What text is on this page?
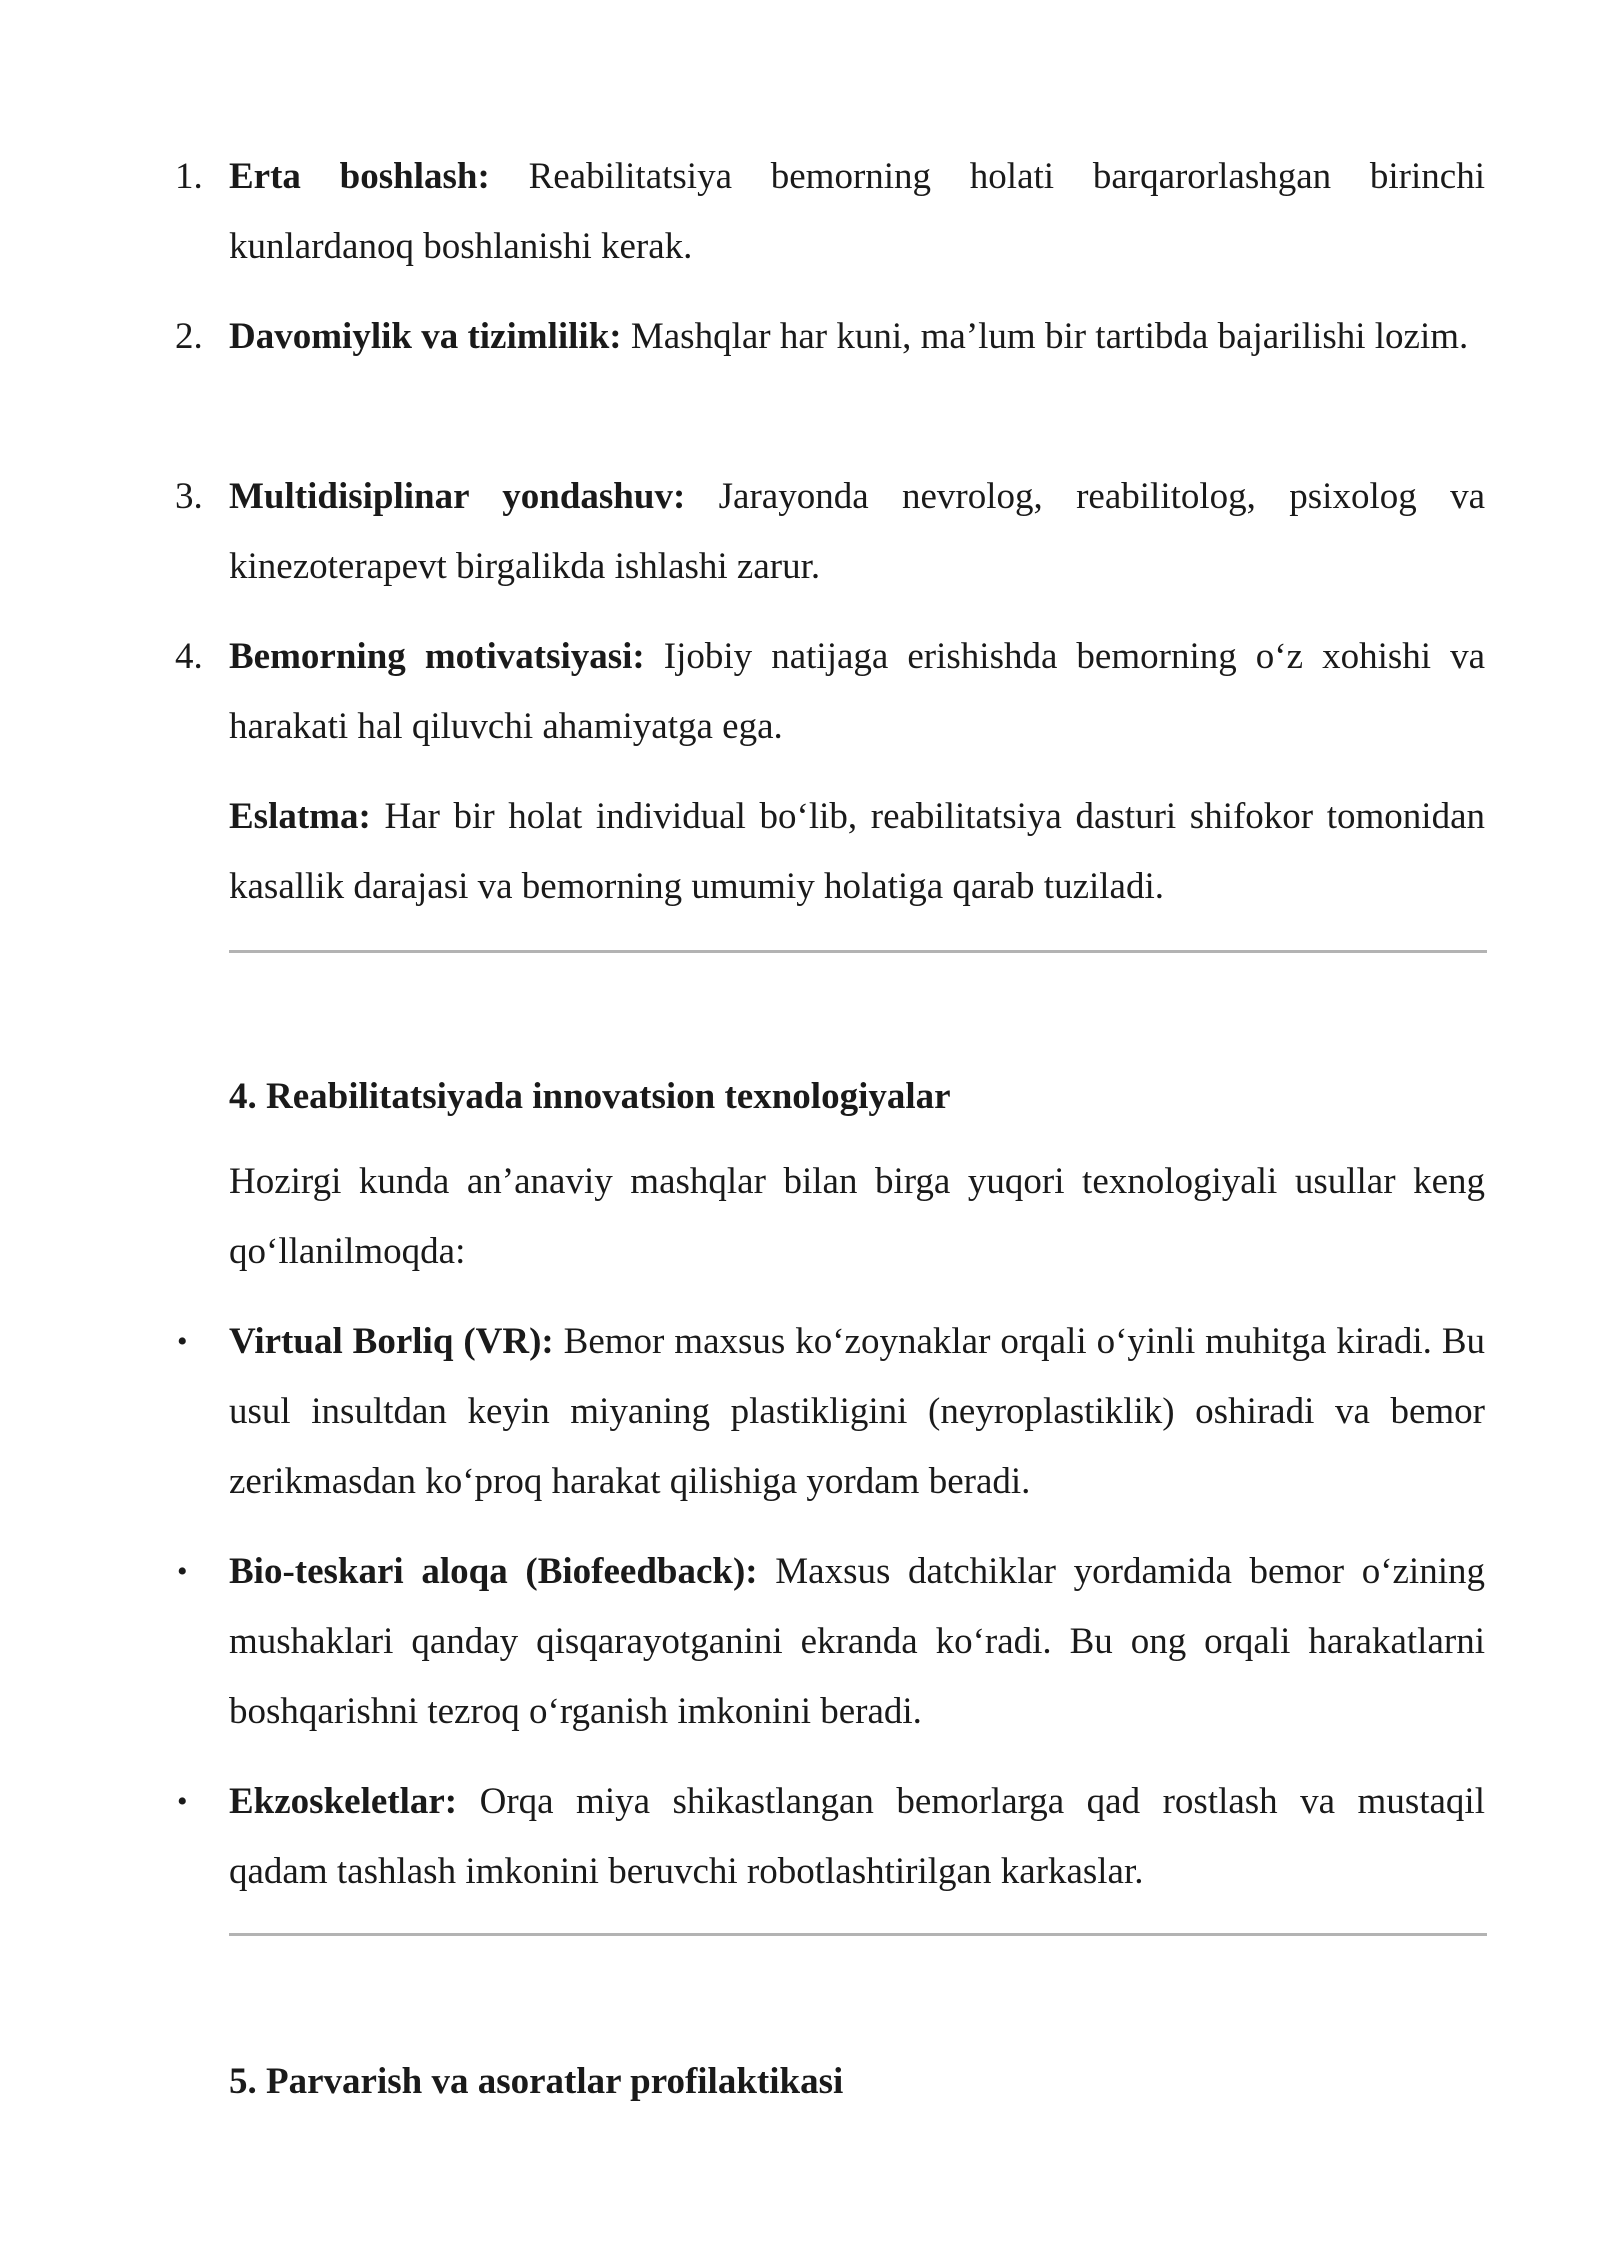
1. Erta boshlash: Reabilitatsiya bemorning holati barqarorlashgan birinchi kunlardanoq boshlanishi kerak.
2. Davomiylik va tizimlilik: Mashqlar har kuni, ma’lum bir tartibda bajarilishi lozim.
3. Multidisiplinar yondashuv: Jarayonda nevrolog, reabilitolog, psixolog va kinezoterapevt birgalikda ishlashi zarur.
4. Bemorning motivatsiyasi: Ijobiy natijaga erishishda bemorning o‘z xohishi va harakati hal qiluvchi ahamiyatga ega.
Eslatma: Har bir holat individual bo‘lib, reabilitatsiya dasturi shifokor tomonidan kasallik darajasi va bemorning umumiy holatiga qarab tuziladi.
4. Reabilitatsiyada innovatsion texnologiyalar
Hozirgi kunda an’anaviy mashqlar bilan birga yuqori texnologiyali usullar keng qo‘llanilmoqda:
•	Virtual Borliq (VR): Bemor maxsus ko‘zoynaklar orqali o‘yinli muhitga kiradi. Bu usul insultdan keyin miyaning plastikligini (neyroplastiklik) oshiradi va bemor zerikmasdan ko‘proq harakat qilishiga yordam beradi.
•	Bio-teskari aloqa (Biofeedback): Maxsus datchiklar yordamida bemor o‘zining mushaklari qanday qisqarayotganini ekranda ko‘radi. Bu ong orqali harakatlarni boshqarishni tezroq o‘rganish imkonini beradi.
•	Ekzoskeletlar: Orqa miya shikastlangan bemorlarga qad rostlash va mustaqil qadam tashlash imkonini beruvchi robotlashtirilgan karkaslar.
5. Parvarish va asoratlar profilaktikasi
